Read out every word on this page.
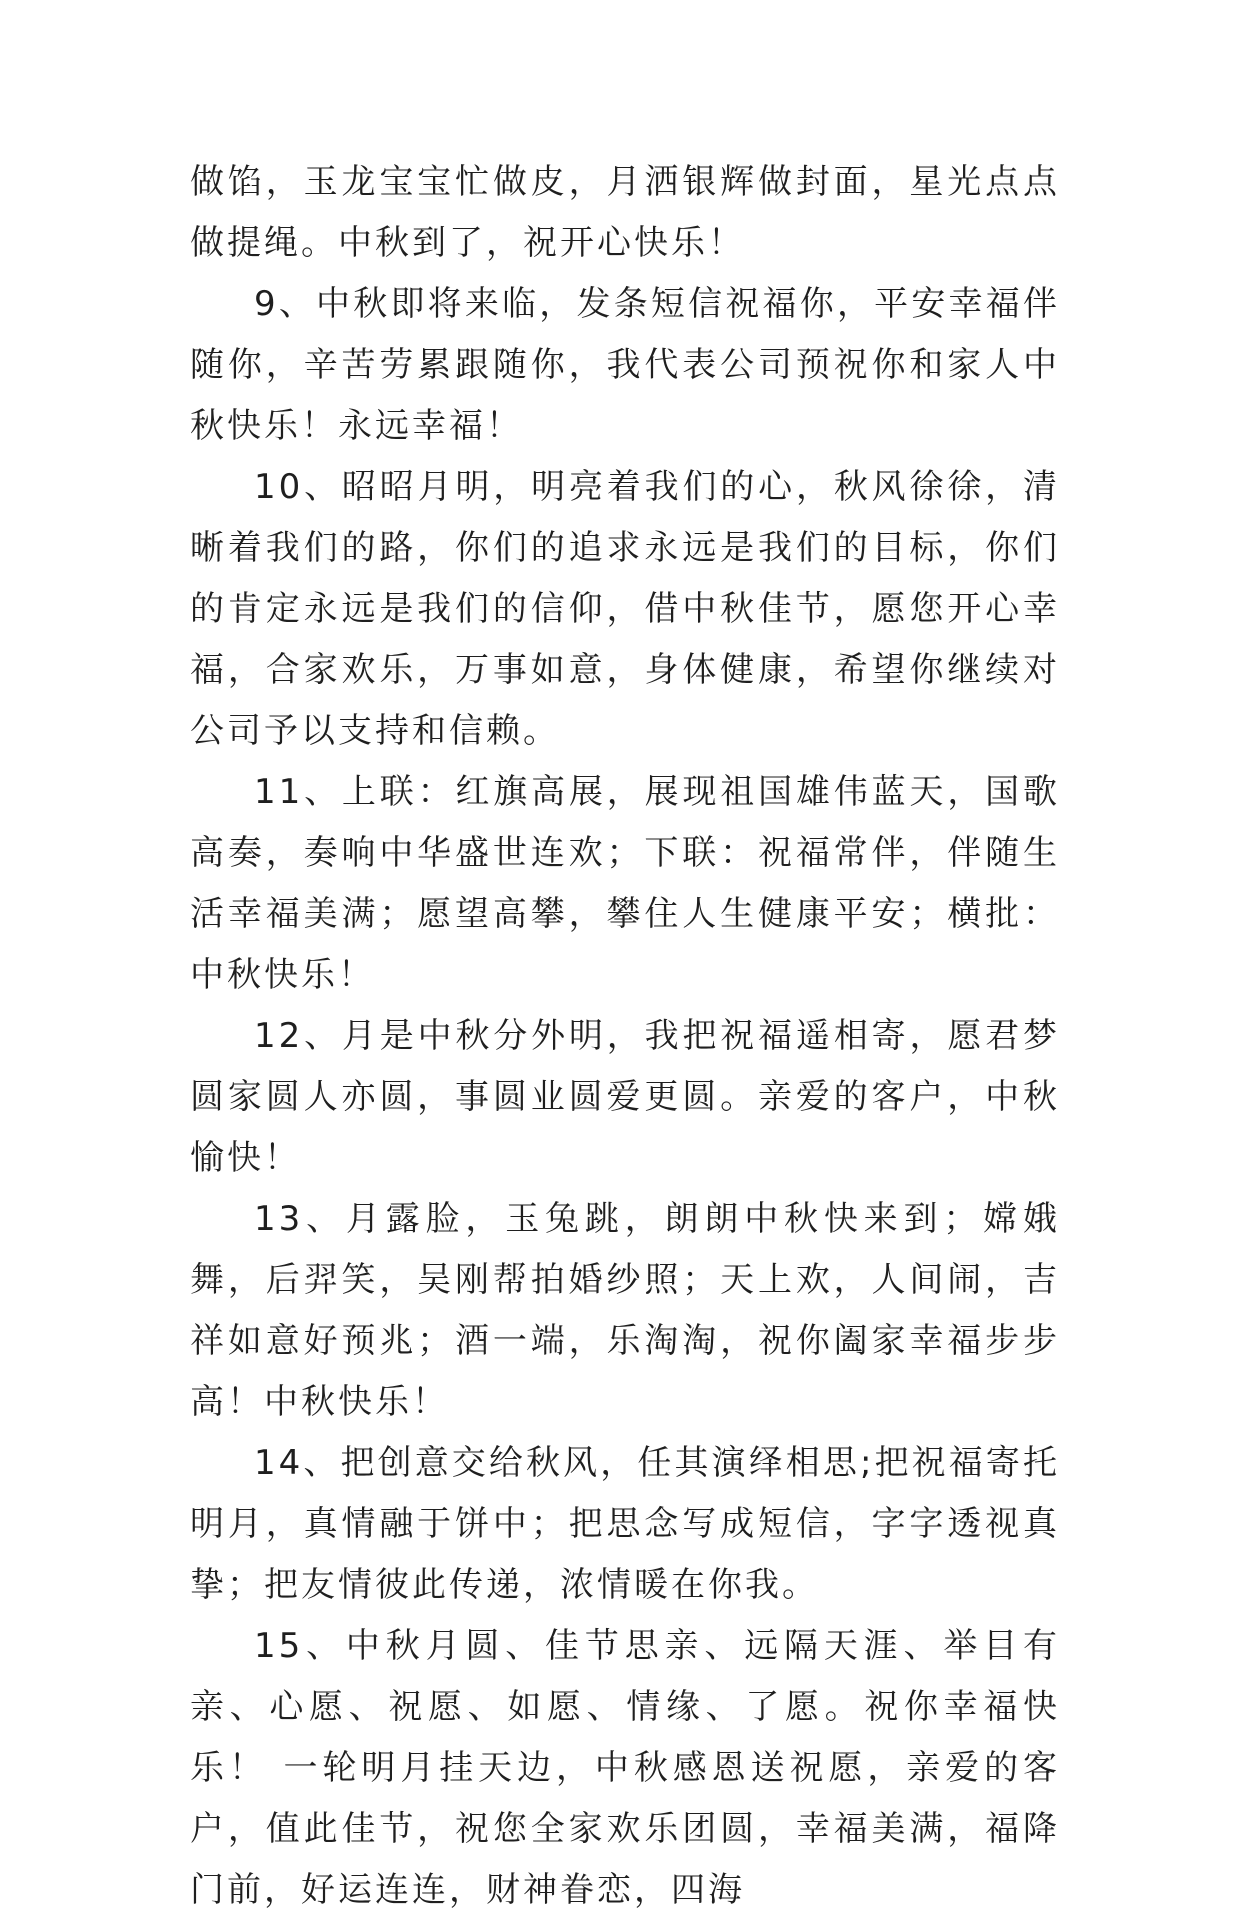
做馅，玉龙宝宝忙做皮，月洒银辉做封面，星光点点做提绳。中秋到了，祝开心快乐！

9、中秋即将来临，发条短信祝福你，平安幸福伴随你，辛苦劳累跟随你，我代表公司预祝你和家人中秋快乐！永远幸福！

10、昭昭月明，明亮着我们的心，秋风徐徐，清晰着我们的路，你们的追求永远是我们的目标，你们的肯定永远是我们的信仰，借中秋佳节，愿您开心幸福，合家欢乐，万事如意，身体健康，希望你继续对公司予以支持和信赖。

11、上联：红旗高展，展现祖国雄伟蓝天，国歌高奏，奏响中华盛世连欢；下联：祝福常伴，伴随生活幸福美满；愿望高攀，攀住人生健康平安；横批：中秋快乐！

12、月是中秋分外明，我把祝福遥相寄，愿君梦圆家圆人亦圆，事圆业圆爱更圆。亲爱的客户，中秋愉快！

13、月露脸，玉兔跳，朗朗中秋快来到；嫦娥舞，后羿笑，吴刚帮拍婚纱照；天上欢，人间闹，吉祥如意好预兆；酒一端，乐淘淘，祝你阖家幸福步步高！中秋快乐！

14、把创意交给秋风，任其演绎相思;把祝福寄托明月，真情融于饼中；把思念写成短信，字字透视真挚；把友情彼此传递，浓情暖在你我。

15、中秋月圆、佳节思亲、远隔天涯、举目有亲、心愿、祝愿、如愿、情缘、了愿。祝你幸福快乐！ 一轮明月挂天边，中秋感恩送祝愿，亲爱的客户，值此佳节，祝您全家欢乐团圆，幸福美满，福降门前，好运连连，财神眷恋，四海
